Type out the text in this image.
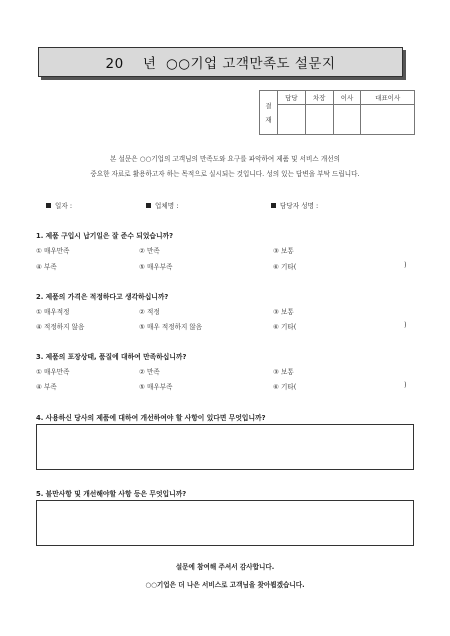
20    년  ○○기업 고객만족도 설문지
결
재	담당	차장	이사	대표이사

본 설문은 ○○기업의 고객님의 만족도와 요구를 파악하여 제품 및 서비스 개선의
중요한 자료로 활용하고자 하는 목적으로 실시되는 것입니다. 성의 있는 답변을 부탁 드립니다.
일자 :	업체명 :	담당자 성명 :
1. 제품 구입시 납기일은 잘 준수 되었습니까?
① 매우만족	② 만족	③ 보통
④ 부족	⑤ 매우부족	⑥ 기타(	)
2. 제품의 가격은 적정하다고 생각하십니까?
① 매우적정	② 적정	③ 보통
④ 적정하지 않음	⑤ 매우 적정하지 않음	⑥ 기타(	)
3. 제품의 포장상태, 품질에 대하여 만족하십니까?
① 매우만족	② 만족	③ 보통
④ 부족	⑤ 매우부족	⑥ 기타(	)
4. 사용하신 당사의 제품에 대하여 개선하여야 할 사항이 있다면 무엇입니까?
5. 불만사항 및 개선해야할 사항 등은 무엇입니까?
설문에 참여해 주셔서 감사합니다.
○○기업은 더 나은 서비스로 고객님을 찾아뵙겠습니다.
